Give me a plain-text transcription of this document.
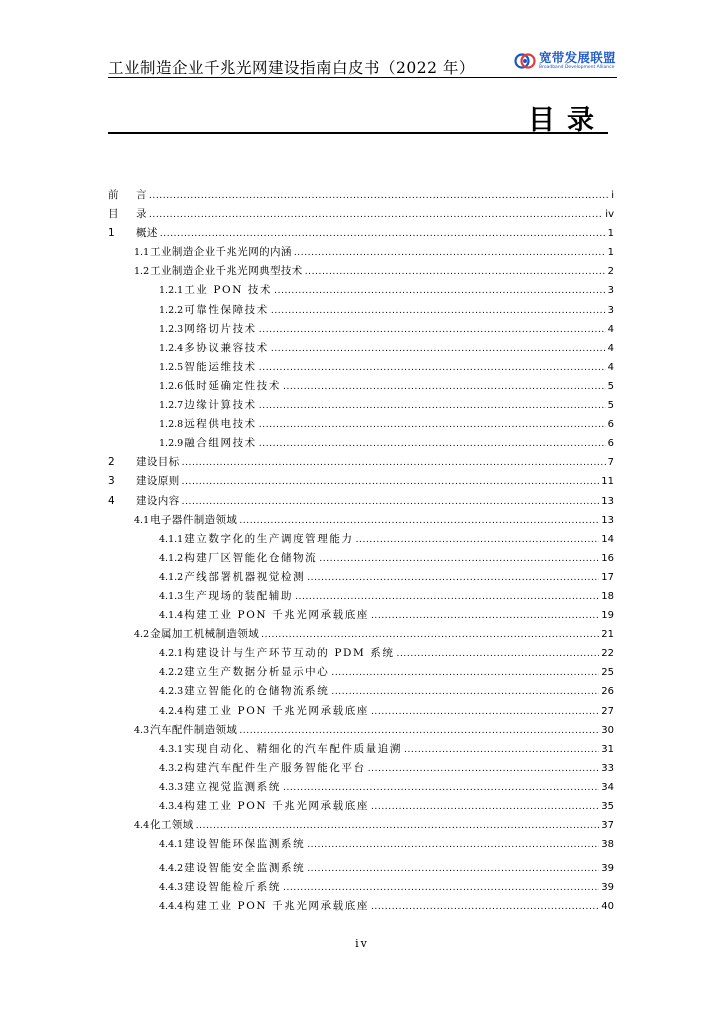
工业制造企业千兆光网建设指南白皮书（2022 年）
宽带发展联盟
Broadband Development Alliance
目录
前	言 .....	i
目	录 .....	iv
1	概述 .....	1
1.1 工业制造企业千兆光网的内涵 .....	1
1.2 工业制造企业千兆光网典型技术 .....	2
1.2.1 工业 PON 技术 .....	3
1.2.2 可靠性保障技术 .....	3
1.2.3 网络切片技术 .....	4
1.2.4 多协议兼容技术 .....	4
1.2.5 智能运维技术 .....	4
1.2.6 低时延确定性技术 .....	5
1.2.7 边缘计算技术 .....	5
1.2.8 远程供电技术 .....	6
1.2.9 融合组网技术 .....	6
2	建设目标 .....	7
3	建设原则 .....	11
4	建设内容 .....	13
4.1 电子器件制造领域 .....	13
4.1.1 建立数字化的生产调度管理能力 .....	14
4.1.2 构建厂区智能化仓储物流 .....	16
4.1.2 产线部署机器视觉检测 .....	17
4.1.3 生产现场的装配辅助 .....	18
4.1.4 构建工业 PON 千兆光网承载底座 .....	19
4.2 金属加工机械制造领域 .....	21
4.2.1 构建设计与生产环节互动的 PDM 系统 .....	22
4.2.2 建立生产数据分析显示中心 .....	25
4.2.3 建立智能化的仓储物流系统 .....	26
4.2.4 构建工业 PON 千兆光网承载底座 .....	27
4.3 汽车配件制造领域 .....	30
4.3.1 实现自动化、精细化的汽车配件质量追溯 .....	31
4.3.2 构建汽车配件生产服务智能化平台 .....	33
4.3.3 建立视觉监测系统 .....	34
4.3.4 构建工业 PON 千兆光网承载底座 .....	35
4.4 化工领域 .....	37
4.4.1 建设智能环保监测系统 .....	38
4.4.2 建设智能安全监测系统 .....	39
4.4.3 建设智能检斤系统 .....	39
4.4.4 构建工业 PON 千兆光网承载底座 .....	40
iv
